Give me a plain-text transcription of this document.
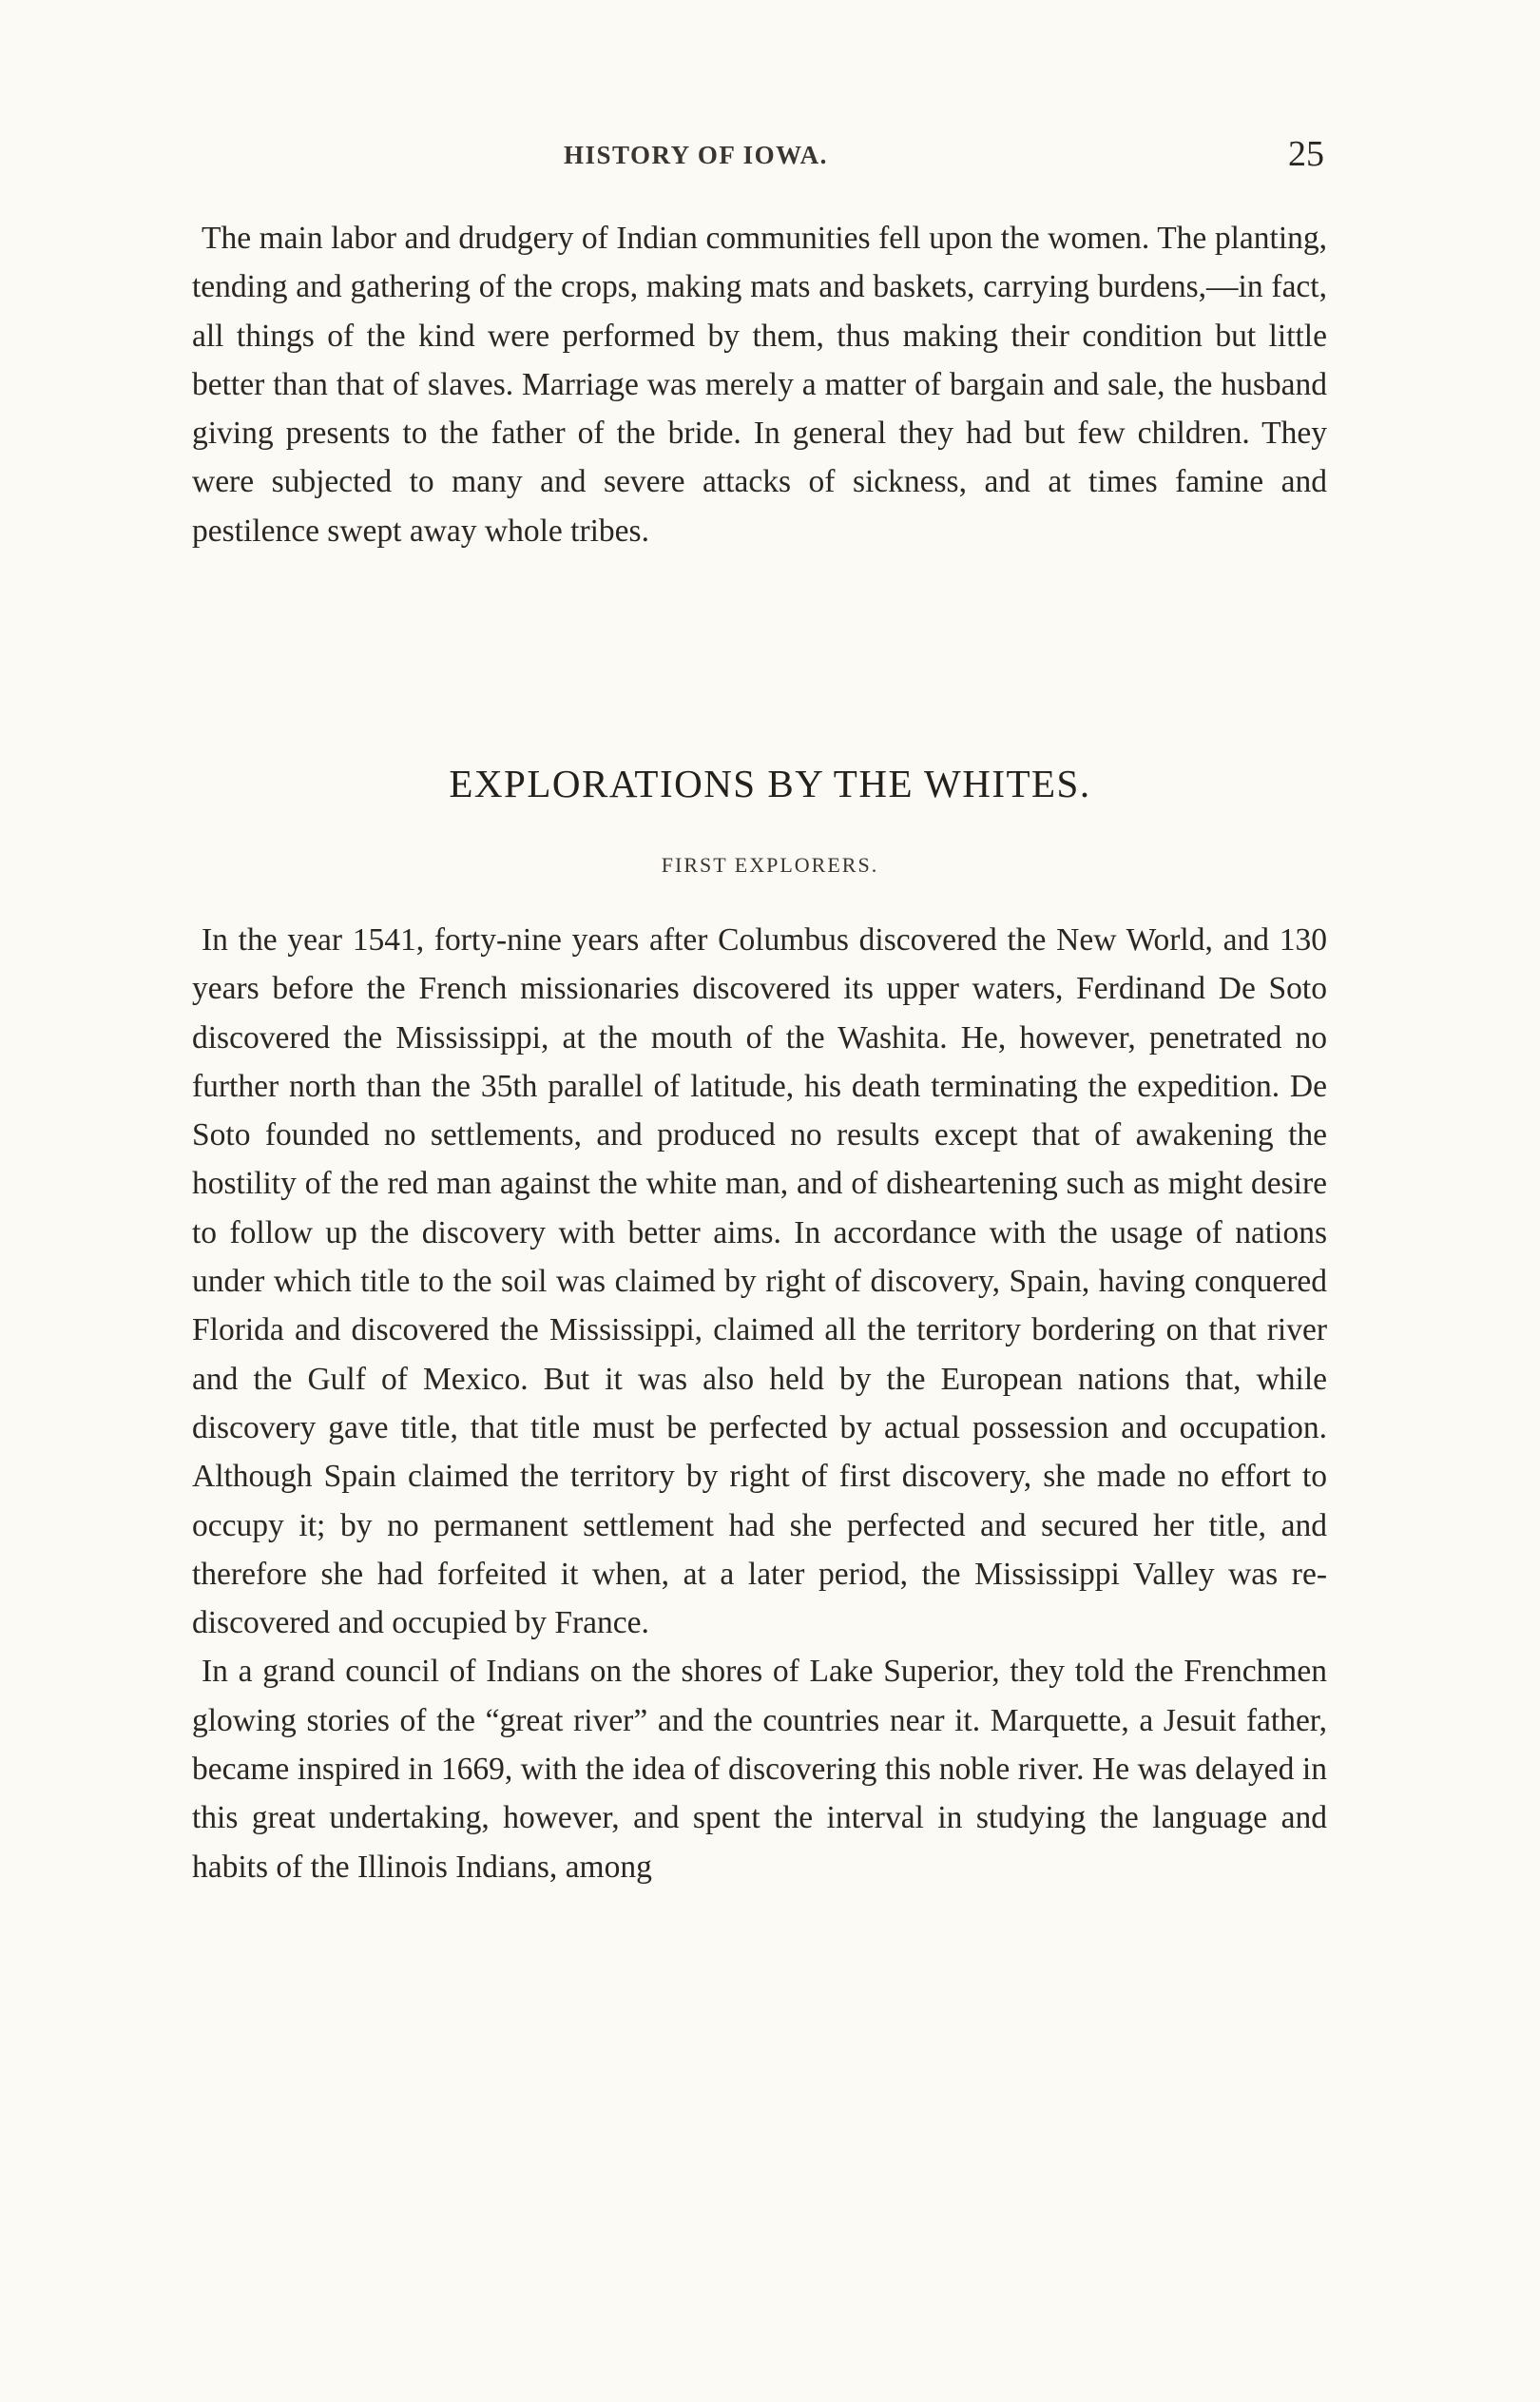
HISTORY OF IOWA.	25

The main labor and drudgery of Indian communities fell upon the women. The planting, tending and gathering of the crops, making mats and baskets, carrying burdens,—in fact, all things of the kind were performed by them, thus making their condition but little better than that of slaves. Marriage was merely a matter of bargain and sale, the husband giving presents to the father of the bride. In general they had but few children. They were subjected to many and severe attacks of sickness, and at times famine and pestilence swept away whole tribes.

EXPLORATIONS BY THE WHITES.
FIRST EXPLORERS.

In the year 1541, forty-nine years after Columbus discovered the New World, and 130 years before the French missionaries discovered its upper waters, Ferdinand De Soto discovered the Mississippi, at the mouth of the Washita. He, however, penetrated no further north than the 35th parallel of latitude, his death terminating the expedition. De Soto founded no settlements, and produced no results except that of awakening the hostility of the red man against the white man, and of disheartening such as might desire to follow up the discovery with better aims. In accordance with the usage of nations under which title to the soil was claimed by right of discovery, Spain, having conquered Florida and discovered the Mississippi, claimed all the territory bordering on that river and the Gulf of Mexico. But it was also held by the European nations that, while discovery gave title, that title must be perfected by actual possession and occupation. Although Spain claimed the territory by right of first discovery, she made no effort to occupy it; by no permanent settlement had she perfected and secured her title, and therefore she had forfeited it when, at a later period, the Mississippi Valley was re-discovered and occupied by France.

In a grand council of Indians on the shores of Lake Superior, they told the Frenchmen glowing stories of the “great river” and the countries near it. Marquette, a Jesuit father, became inspired in 1669, with the idea of discovering this noble river. He was delayed in this great undertaking, however, and spent the interval in studying the language and habits of the Illinois Indians, among
